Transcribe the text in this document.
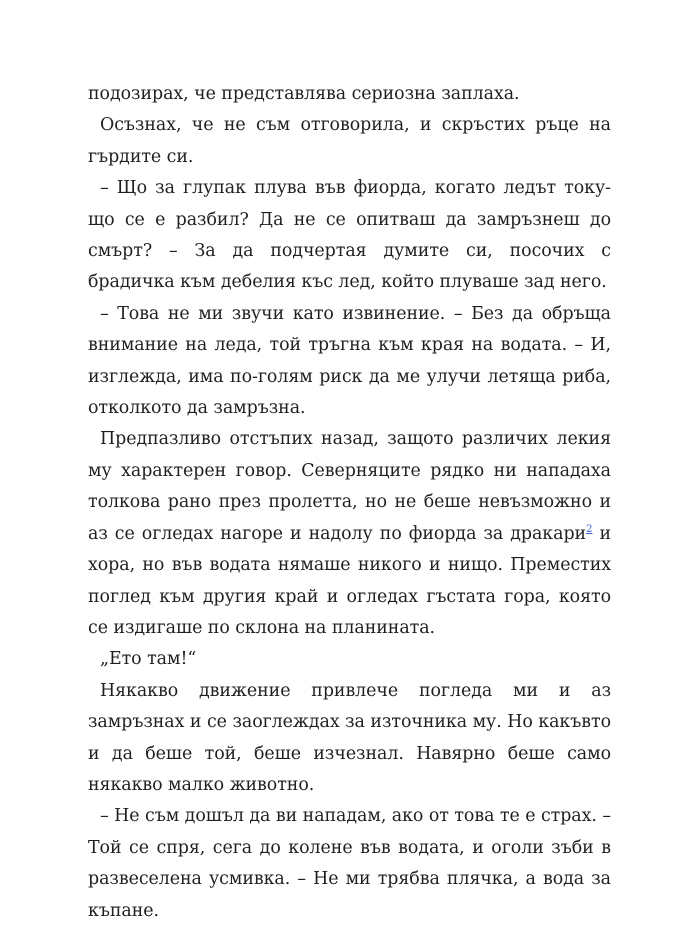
подозирах, че представлява сериозна заплаха.

Осъзнах, че не съм отговорила, и скръстих ръце на гърдите си.

– Що за глупак плува във фиорда, когато ледът току-що се е разбил? Да не се опитваш да замръзнеш до смърт? – За да подчертая думите си, посочих с брадичка към дебелия къс лед, който плуваше зад него.

– Това не ми звучи като извинение. – Без да обръща внимание на леда, той тръгна към края на водата. – И, изглежда, има по-голям риск да ме улучи летяща риба, отколкото да замръзна.

Предпазливо отстъпих назад, защото различих лекия му характерен говор. Северняците рядко ни нападаха толкова рано през пролетта, но не беше невъзможно и аз се огледах нагоре и надолу по фиорда за дракари$^2$ и хора, но във водата нямаше никого и нищо. Преместих поглед към другия край и огледах гъстата гора, която се издигаше по склона на планината.

„Ето там!“

Някакво движение привлече погледа ми и аз замръзнах и се заоглеждах за източника му. Но какъвто и да беше той, беше изчезнал. Навярно беше само някакво малко животно.

– Не съм дошъл да ви нападам, ако от това те е страх. – Той се спря, сега до колене във водата, и оголи зъби в развеселена усмивка. – Не ми трябва плячка, а вода за къпане.
